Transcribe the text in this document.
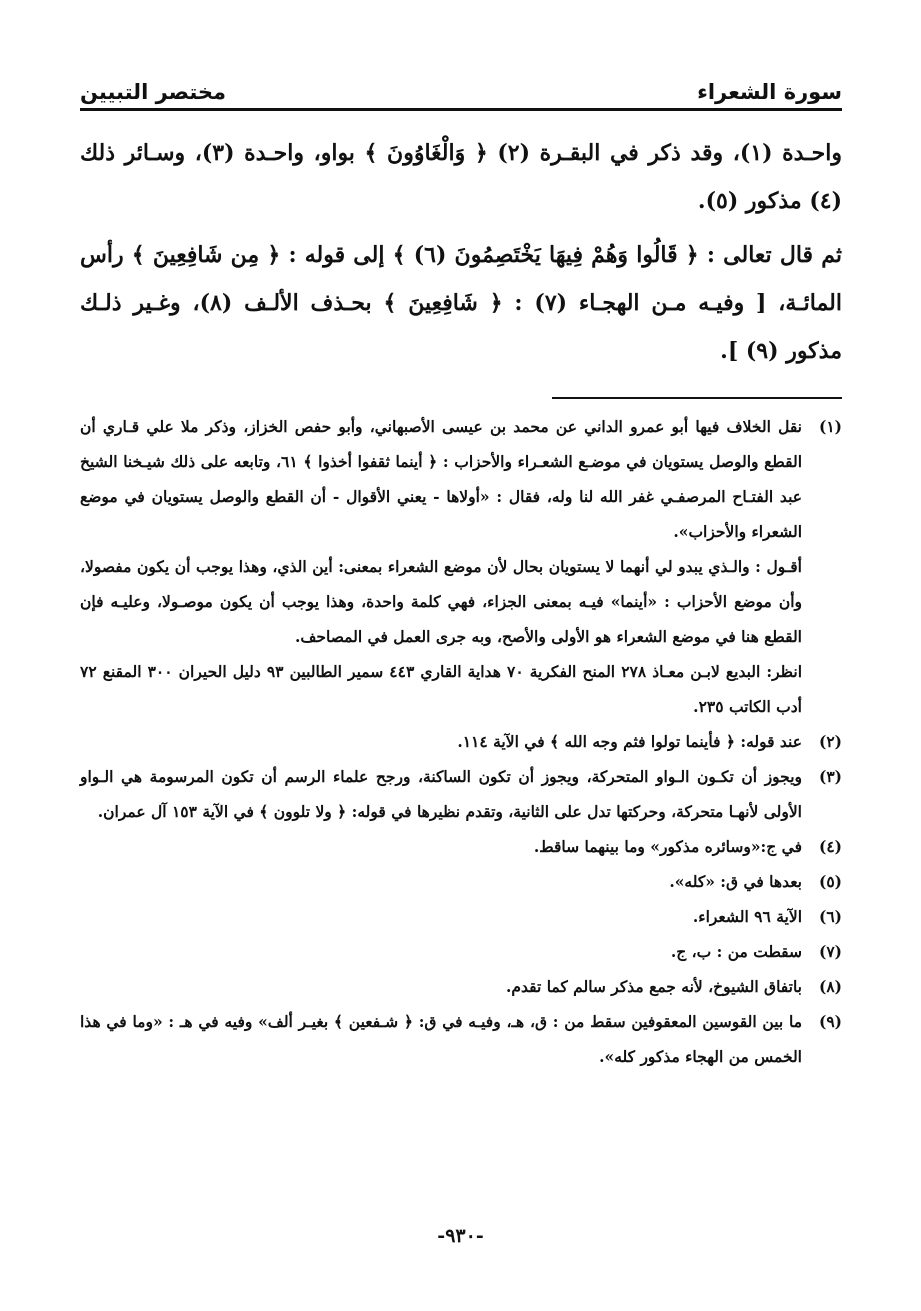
سورة الشعراء
مختصر التبيين

واحـدة (١)، وقد ذكر في البقـرة (٢) ﴿ وَالْغَاوُونَ ﴾ بواو، واحـدة (٣)، وسـائر ذلك (٤) مذكور (٥).

ثم قال تعالى : ﴿ قَالُوا وَهُمْ فِيهَا يَخْتَصِمُونَ (٦) ﴾ إلى قوله : ﴿ مِن شَافِعِينَ ﴾ رأس المائـة، [ وفيـه مـن الهجـاء (٧) : ﴿ شَافِعِينَ ﴾ بحـذف الألـف (٨)، وغـير ذلـك مذكور (٩) ].

(١)

نقل الخلاف فيها أبو عمرو الداني عن محمد بن عيسى الأصبهاني، وأبو حفص الخزاز، وذكر ملا علي قـاري أن القطع والوصل يستويان في موضـع الشعـراء والأحزاب : ﴿ أينما ثقفوا أخذوا ﴾ ٦١، وتابعه على ذلك شيـخنا الشيخ عبد الفتـاح المرصفـي غفر الله لنا وله، فقال : «أولاها - يعني الأقوال - أن القطع والوصل يستويان في موضع الشعراء والأحزاب».

أقـول : والـذي يبدو لي أنهما لا يستويان بحال لأن موضع الشعراء بمعنى: أين الذي، وهذا يوجب أن يكون مفصولا، وأن موضع الأحزاب : «أينما» فيـه بمعنى الجزاء، فهي كلمة واحدة، وهذا يوجب أن يكون موصـولا، وعليـه فإن القطع هنا في موضع الشعراء هو الأولى والأصح، وبه جرى العمل في المصاحف.

انظر: البديع لابـن معـاذ ٢٧٨ المنح الفكرية ٧٠ هداية القاري ٤٤٣ سمير الطالبين ٩٣ دليل الحيران ٣٠٠ المقنع ٧٢ أدب الكاتب ٢٣٥.

(٢)

عند قوله: ﴿ فأينما تولوا فثم وجه الله ﴾ في الآية ١١٤.

(٣)

ويجوز أن تكـون الـواو المتحركة، ويجوز أن تكون الساكنة، ورجح علماء الرسم أن تكون المرسومة هي الـواو الأولى لأنهـا متحركة، وحركتها تدل على الثانية، وتقدم نظيرها في قوله: ﴿ ولا تلوون ﴾ في الآية ١٥٣ آل عمران.

(٤)

في ج:«وسائره مذكور» وما بينهما ساقط.

(٥)

بعدها في ق: «كله».

(٦)

الآية ٩٦ الشعراء.

(٧)

سقطت من : ب، ج.

(٨)

باتفاق الشيوخ، لأنه جمع مذكر سالم كما تقدم.

(٩)

ما بين القوسين المعقوفين سقط من : ق، هـ، وفيـه في ق: ﴿ شـفعين ﴾ بغيـر ألف» وفيه في هـ : «وما في هذا الخمس من الهجاء مذكور كله».

-٩٣٠-
